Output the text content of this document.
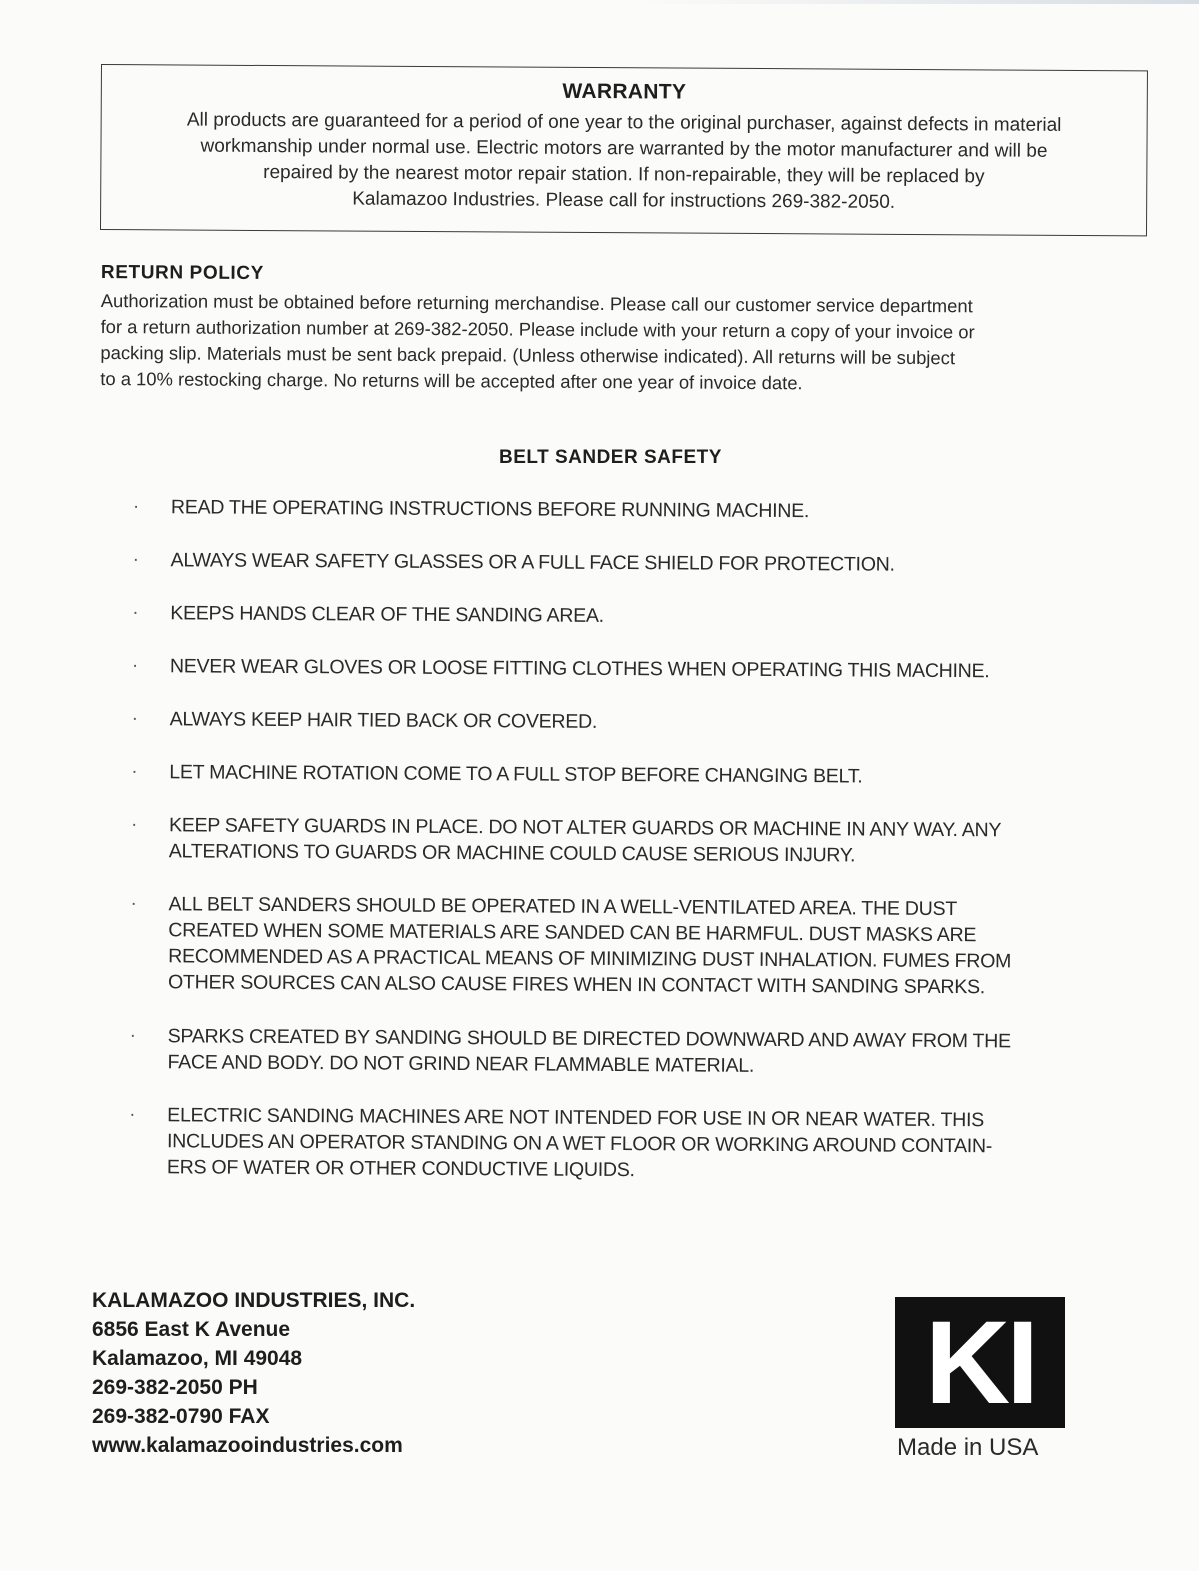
WARRANTY
All products are guaranteed for a period of one year to the original purchaser, against defects in material
workmanship under normal use. Electric motors are warranted by the motor manufacturer and will be
repaired by the nearest motor repair station. If non-repairable, they will be replaced by
Kalamazoo Industries. Please call for instructions 269-382-2050.
RETURN POLICY
Authorization must be obtained before returning merchandise. Please call our customer service department
for a return authorization number at 269-382-2050. Please include with your return a copy of your invoice or
packing slip. Materials must be sent back prepaid. (Unless otherwise indicated). All returns will be subject
to a 10% restocking charge. No returns will be accepted after one year of invoice date.
BELT SANDER SAFETY
·	READ THE OPERATING INSTRUCTIONS BEFORE RUNNING MACHINE.
·	ALWAYS WEAR SAFETY GLASSES OR A FULL FACE SHIELD FOR PROTECTION.
·	KEEPS HANDS CLEAR OF THE SANDING AREA.
·	NEVER WEAR GLOVES OR LOOSE FITTING CLOTHES WHEN OPERATING THIS MACHINE.
·	ALWAYS KEEP HAIR TIED BACK OR COVERED.
·	LET MACHINE ROTATION COME TO A FULL STOP BEFORE CHANGING BELT.
·	KEEP SAFETY GUARDS IN PLACE. DO NOT ALTER GUARDS OR MACHINE IN ANY WAY. ANY
ALTERATIONS TO GUARDS OR MACHINE COULD CAUSE SERIOUS INJURY.
·	ALL BELT SANDERS SHOULD BE OPERATED IN A WELL-VENTILATED AREA. THE DUST
CREATED WHEN SOME MATERIALS ARE SANDED CAN BE HARMFUL. DUST MASKS ARE
RECOMMENDED AS A PRACTICAL MEANS OF MINIMIZING DUST INHALATION. FUMES FROM
OTHER SOURCES CAN ALSO CAUSE FIRES WHEN IN CONTACT WITH SANDING SPARKS.
·	SPARKS CREATED BY SANDING SHOULD BE DIRECTED DOWNWARD AND AWAY FROM THE
FACE AND BODY. DO NOT GRIND NEAR FLAMMABLE MATERIAL.
·	ELECTRIC SANDING MACHINES ARE NOT INTENDED FOR USE IN OR NEAR WATER. THIS
INCLUDES AN OPERATOR STANDING ON A WET FLOOR OR WORKING AROUND CONTAIN-
ERS OF WATER OR OTHER CONDUCTIVE LIQUIDS.
KALAMAZOO INDUSTRIES, INC.
6856 East K Avenue
Kalamazoo, MI 49048
269-382-2050 PH
269-382-0790 FAX
www.kalamazooindustries.com
KI
Made in USA
